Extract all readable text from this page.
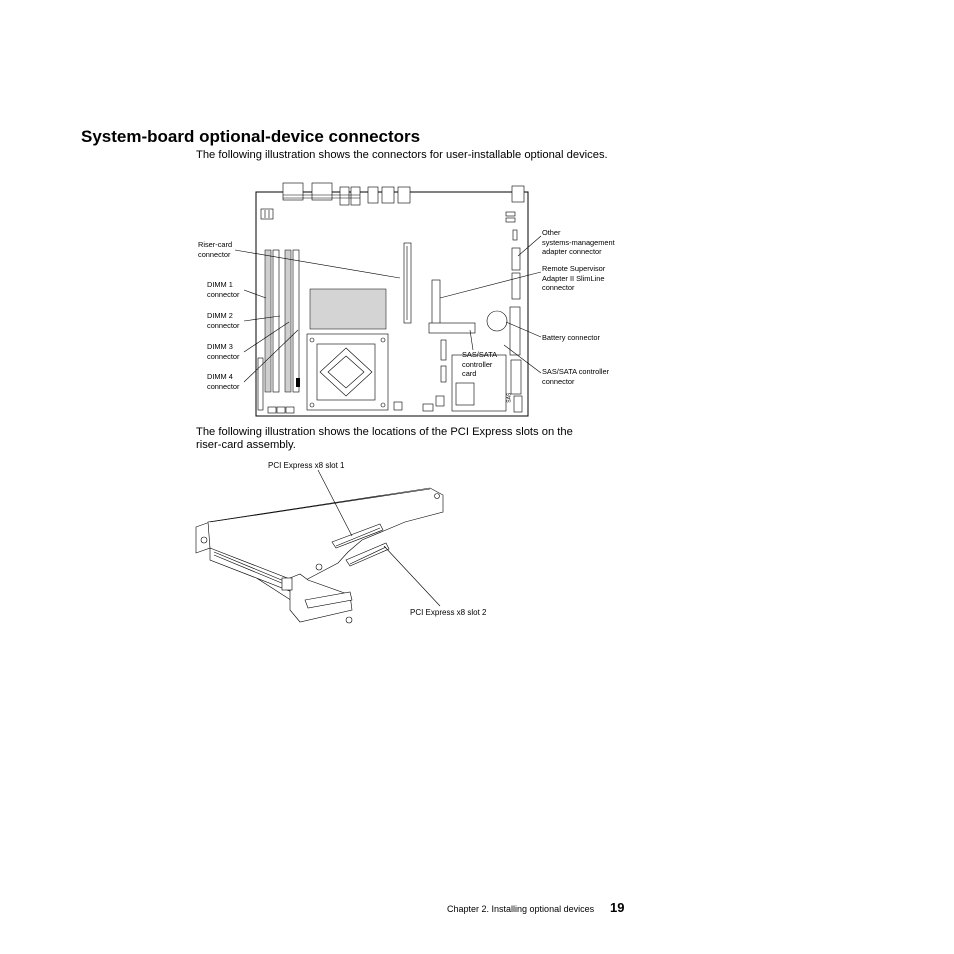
System-board optional-device connectors
The following illustration shows the connectors for user-installable optional devices.
Riser-card
connector
DIMM 1
connector
DIMM 2
connector
DIMM 3
connector
DIMM 4
connector
Other
systems-management
adapter connector
Remote Supervisor
Adapter II SlimLine
connector
Battery connector
SAS/SATA
controller
card	SAS/SATA controller
connector
SAS
The following illustration shows the locations of the PCI Express slots on the
riser-card assembly.
PCI Express x8 slot 1
PCI Express x8 slot 2
Chapter 2. Installing optional devices 19
